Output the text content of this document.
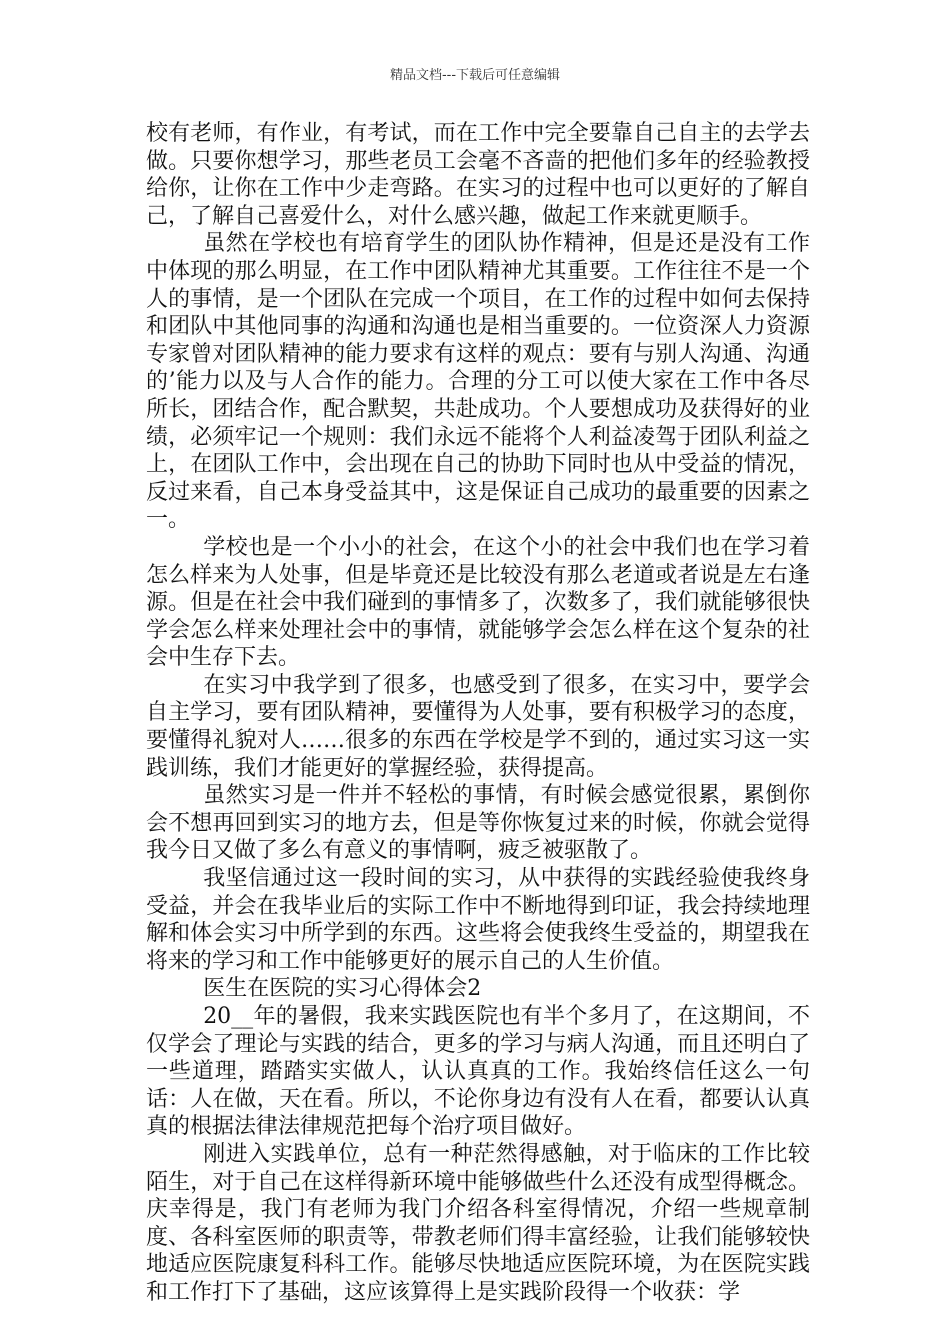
精品文档---下载后可任意编辑

校有老师，有作业，有考试，而在工作中完全要靠自己自主的去学去做。只要你想学习，那些老员工会毫不吝啬的把他们多年的经验教授给你，让你在工作中少走弯路。在实习的过程中也可以更好的了解自己，了解自己喜爱什么，对什么感兴趣，做起工作来就更顺手。

虽然在学校也有培育学生的团队协作精神，但是还是没有工作中体现的那么明显，在工作中团队精神尤其重要。工作往往不是一个人的事情，是一个团队在完成一个项目，在工作的过程中如何去保持和团队中其他同事的沟通和沟通也是相当重要的。一位资深人力资源专家曾对团队精神的能力要求有这样的观点：要有与别人沟通、沟通的’能力以及与人合作的能力。合理的分工可以使大家在工作中各尽所长，团结合作，配合默契，共赴成功。个人要想成功及获得好的业绩，必须牢记一个规则：我们永远不能将个人利益凌驾于团队利益之上，在团队工作中，会出现在自己的协助下同时也从中受益的情况，反过来看，自己本身受益其中，这是保证自己成功的最重要的因素之一。

学校也是一个小小的社会，在这个小的社会中我们也在学习着怎么样来为人处事，但是毕竟还是比较没有那么老道或者说是左右逢源。但是在社会中我们碰到的事情多了，次数多了，我们就能够很快学会怎么样来处理社会中的事情，就能够学会怎么样在这个复杂的社会中生存下去。

在实习中我学到了很多，也感受到了很多，在实习中，要学会自主学习，要有团队精神，要懂得为人处事，要有积极学习的态度，要懂得礼貌对人……很多的东西在学校是学不到的，通过实习这一实践训练，我们才能更好的掌握经验，获得提高。

虽然实习是一件并不轻松的事情，有时候会感觉很累，累倒你会不想再回到实习的地方去，但是等你恢复过来的时候，你就会觉得我今日又做了多么有意义的事情啊，疲乏被驱散了。

我坚信通过这一段时间的实习，从中获得的实践经验使我终身受益，并会在我毕业后的实际工作中不断地得到印证，我会持续地理解和体会实习中所学到的东西。这些将会使我终生受益的，期望我在将来的学习和工作中能够更好的展示自己的人生价值。

医生在医院的实习心得体会2

20__年的暑假，我来实践医院也有半个多月了，在这期间，不仅学会了理论与实践的结合，更多的学习与病人沟通，而且还明白了一些道理，踏踏实实做人，认认真真的工作。我始终信任这么一句话：人在做，天在看。所以，不论你身边有没有人在看，都要认认真真的根据法律法律规范把每个治疗项目做好。

刚进入实践单位，总有一种茫然得感触，对于临床的工作比较陌生，对于自己在这样得新环境中能够做些什么还没有成型得概念。庆幸得是，我门有老师为我门介绍各科室得情况，介绍一些规章制度、各科室医师的职责等，带教老师们得丰富经验，让我们能够较快地适应医院康复科科工作。能够尽快地适应医院环境，为在医院实践和工作打下了基础，这应该算得上是实践阶段得一个收获：学
